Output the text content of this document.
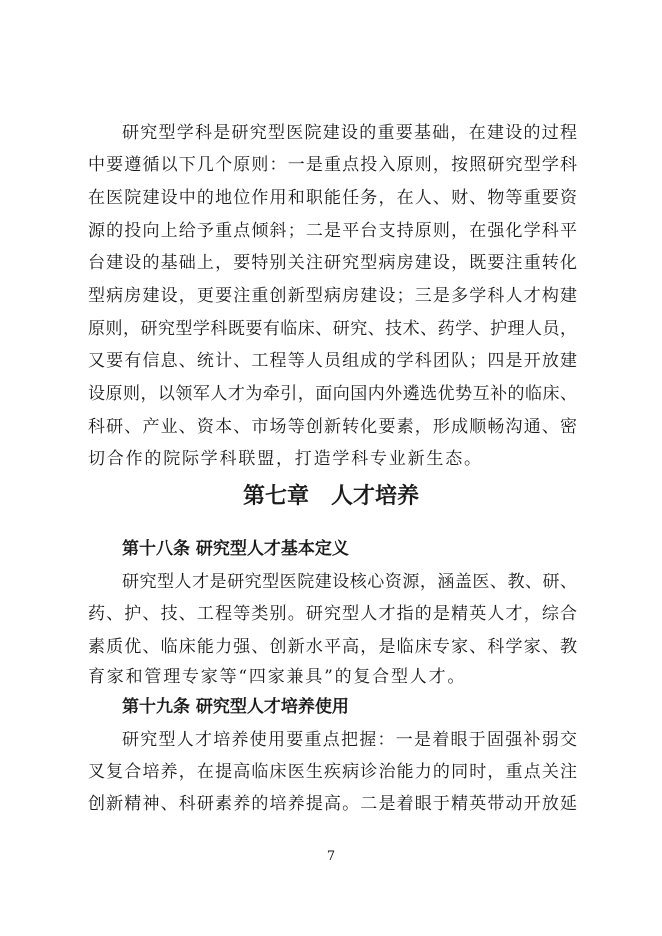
研究型学科是研究型医院建设的重要基础，在建设的过程
中要遵循以下几个原则：一是重点投入原则，按照研究型学科
在医院建设中的地位作用和职能任务，在人、财、物等重要资
源的投向上给予重点倾斜；二是平台支持原则，在强化学科平
台建设的基础上，要特别关注研究型病房建设，既要注重转化
型病房建设，更要注重创新型病房建设；三是多学科人才构建
原则，研究型学科既要有临床、研究、技术、药学、护理人员，
又要有信息、统计、工程等人员组成的学科团队；四是开放建
设原则，以领军人才为牵引，面向国内外遴选优势互补的临床、
科研、产业、资本、市场等创新转化要素，形成顺畅沟通、密
切合作的院际学科联盟，打造学科专业新生态。
第七章　人才培养
第十八条 研究型人才基本定义
研究型人才是研究型医院建设核心资源，涵盖医、教、研、
药、护、技、工程等类别。研究型人才指的是精英人才，综合
素质优、临床能力强、创新水平高，是临床专家、科学家、教
育家和管理专家等“四家兼具”的复合型人才。
第十九条 研究型人才培养使用
研究型人才培养使用要重点把握：一是着眼于固强补弱交
叉复合培养，在提高临床医生疾病诊治能力的同时，重点关注
创新精神、科研素养的培养提高。二是着眼于精英带动开放延
7
